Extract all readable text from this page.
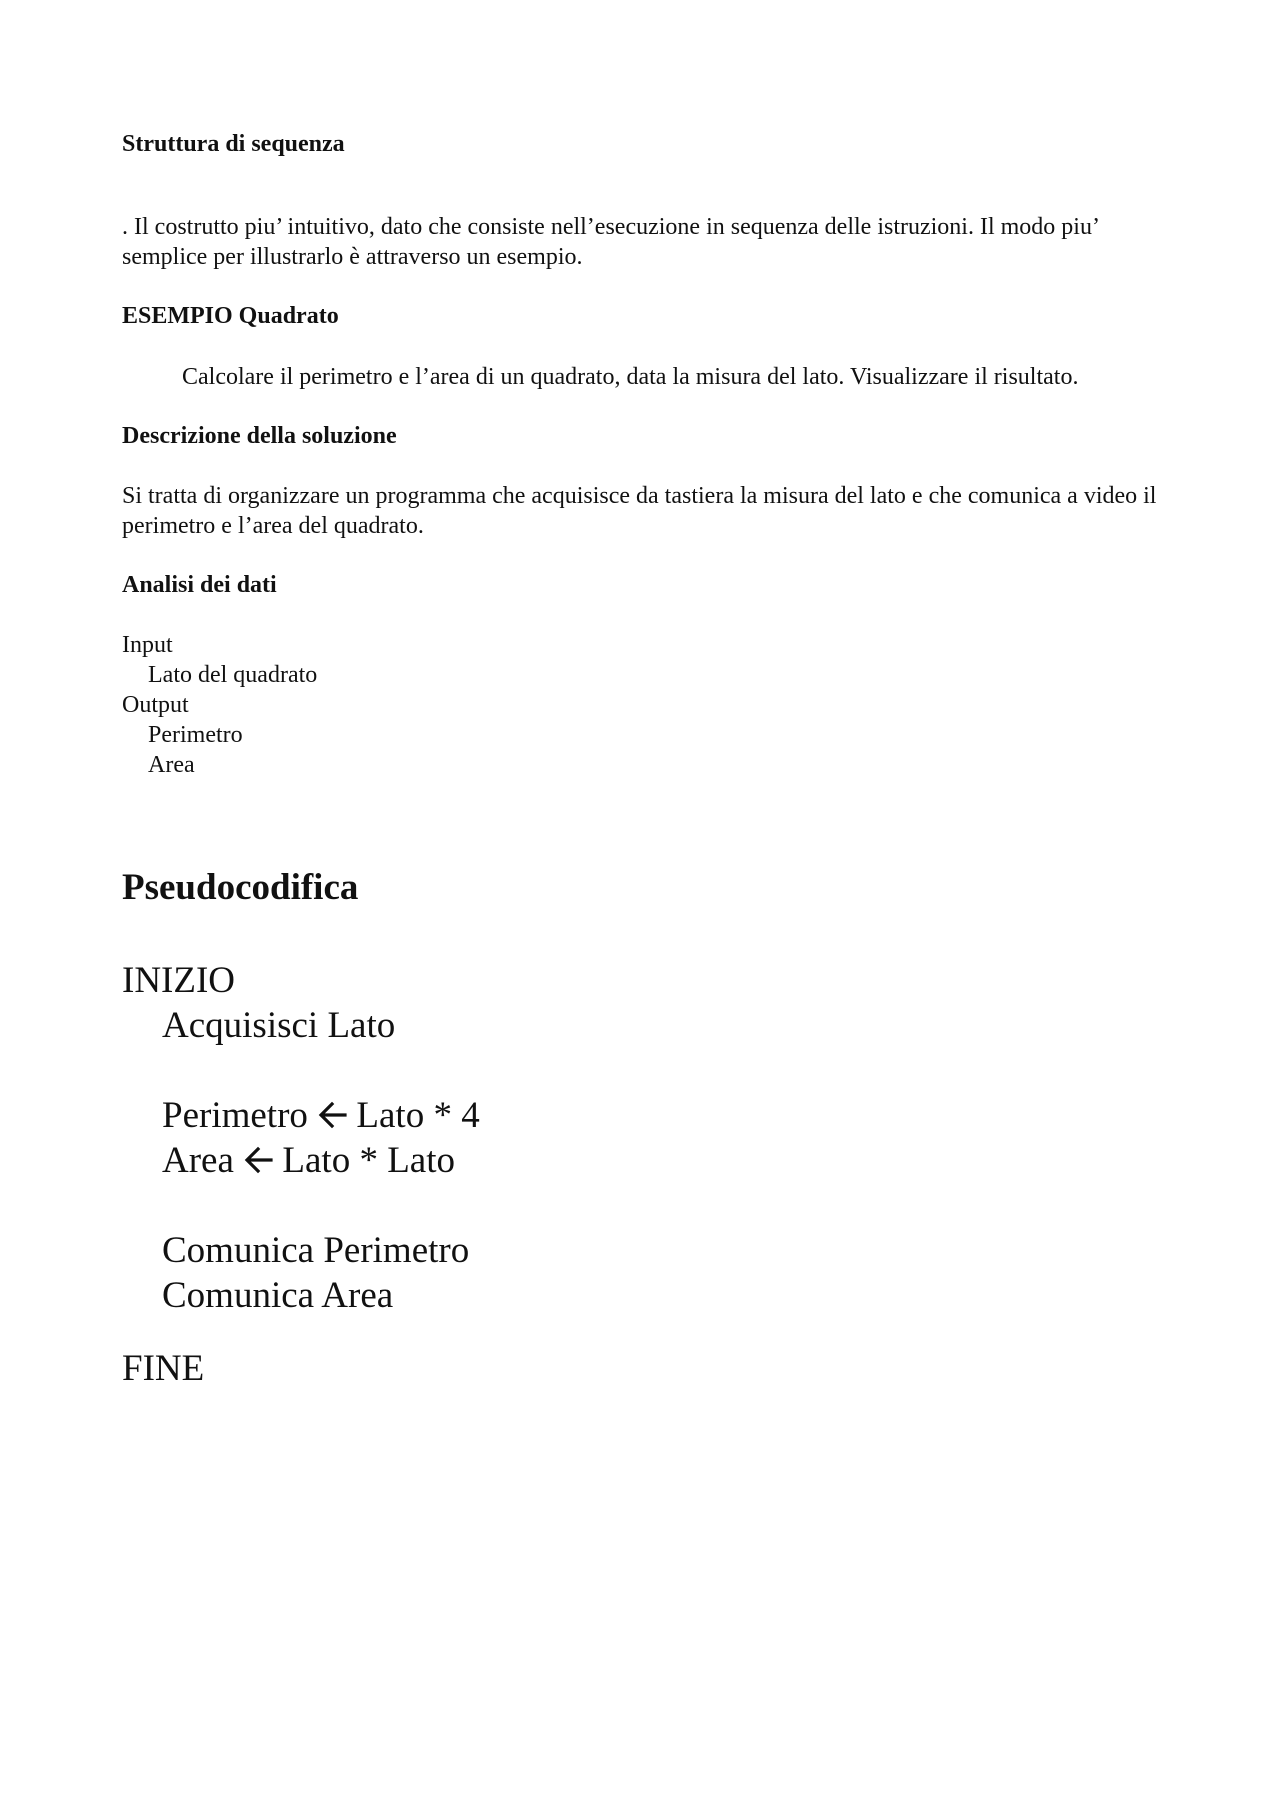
Struttura di sequenza

. Il costrutto piu’ intuitivo, dato che consiste nell’esecuzione in sequenza delle istruzioni. Il modo piu’ semplice per illustrarlo è attraverso un esempio.

ESEMPIO Quadrato

Calcolare il perimetro e l’area di un quadrato, data la misura del lato. Visualizzare il risultato.

Descrizione della soluzione

Si tratta di organizzare un programma che acquisisce da tastiera la misura del lato e che comunica a video il perimetro e l’area del quadrato.

Analisi dei dati

Input
Lato del quadrato
Output
Perimetro
Area

Pseudocodifica

INIZIO
Acquisisci Lato
Perimetro Lato * 4
Area Lato * Lato
Comunica Perimetro
Comunica Area
FINE
